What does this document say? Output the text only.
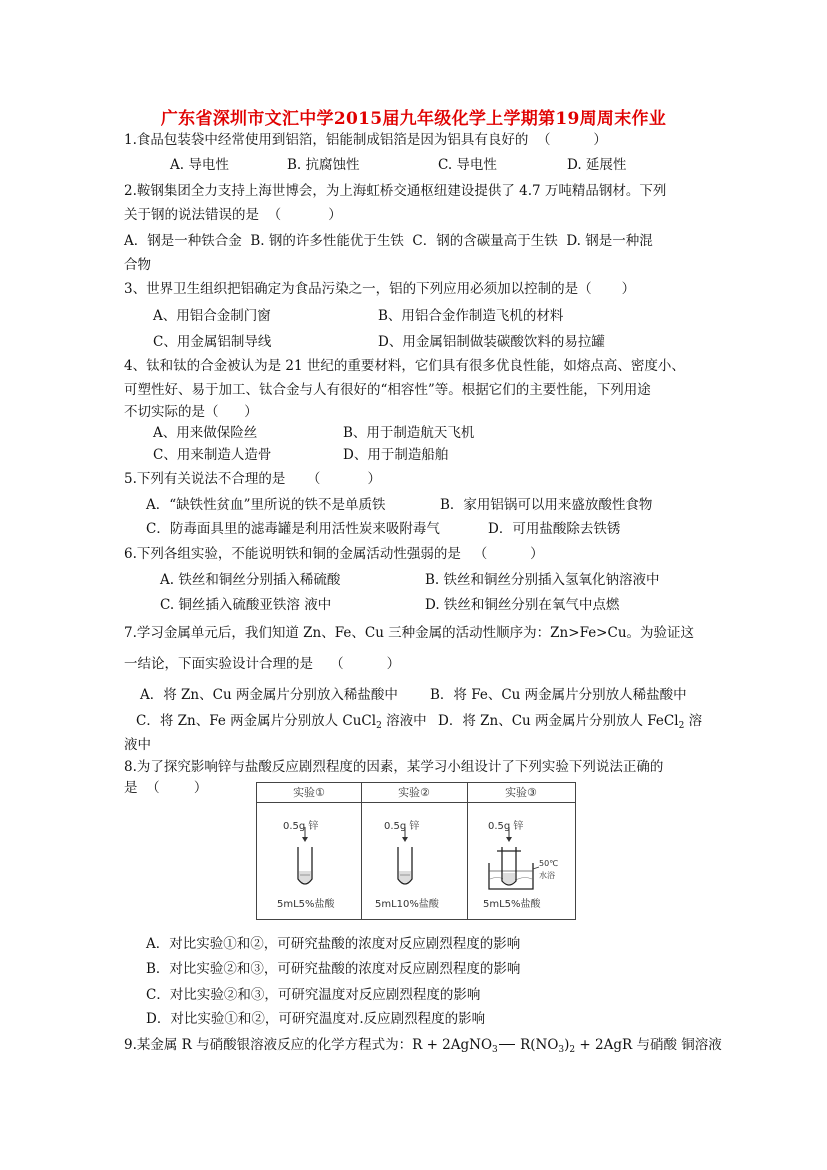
广东省深圳市文汇中学2015届九年级化学上学期第19周周末作业
1.食品包装袋中经常使用到铝箔，铝能制成铝箔是因为铝具有良好的  （          ）
A. 导电性	B. 抗腐蚀性	C. 导电性	D. 延展性
2.鞍钢集团全力支持上海世博会，为上海虹桥交通枢纽建设提供了 4.7 万吨精品钢材。下列
关于钢的说法错误的是  （           ）
A．钢是一种铁合金  B. 钢的许多性能优于生铁  C．钢的含碳量高于生铁  D. 钢是一种混
合物
3、世界卫生组织把铝确定为食品污染之一，铝的下列应用必须加以控制的是（       ）
A、用铝合金制门窗	B、用铝合金作制造飞机的材料
C、用金属铝制导线	D、用金属铝制做装碳酸饮料的易拉罐
4、钛和钛的合金被认为是 21 世纪的重要材料，它们具有很多优良性能，如熔点高、密度小、
可塑性好、易于加工、钛合金与人有很好的“相容性”等。根据它们的主要性能，下列用途
不切实际的是（      ）
A、用来做保险丝	B、用于制造航天飞机
C、用来制造人造骨	D、用于制造船舶
5.下列有关说法不合理的是     （           ）
A．“缺铁性贫血”里所说的铁不是单质铁	B．家用铝锅可以用来盛放酸性食物
C．防毒面具里的滤毒罐是利用活性炭来吸附毒气	D．可用盐酸除去铁锈
6.下列各组实验，不能说明铁和铜的金属活动性强弱的是   （          ）
A. 铁丝和铜丝分别插入稀硫酸	B. 铁丝和铜丝分别插入氢氧化钠溶液中
C. 铜丝插入硫酸亚铁溶 液中	D. 铁丝和铜丝分别在氧气中点燃
7.学习金属单元后，我们知道 Zn、Fe、Cu 三种金属的活动性顺序为：Zn>Fe>Cu。为验证这
一结论，下面实验设计合理的是    （          ）
A．将 Zn、Cu 两金属片分别放入稀盐酸中 B．将 Fe、Cu 两金属片分别放人稀盐酸中
C．将 Zn、Fe 两金属片分别放人 CuCl$_2$ 溶液中 D．将 Zn、Cu 两金属片分别放人 FeCl$_2$ 溶
液中
8.为了探究影响锌与盐酸反应剧烈程度的因素，某学习小组设计了下列实验下列说法正确的
是  （        ）	实验①	实验②	实验③
0.5g 锌	0.5g 锌	0.5g 锌
50℃
水浴
5mL5%盐酸	5mL10%盐酸	5mL5%盐酸
A．对比实验①和②，可研究盐酸的浓度对反应剧烈程度的影响
B．对比实验②和③，可研究盐酸的浓度对反应剧烈程度的影响
C．对比实验②和③，可研究温度对反应剧烈程度的影响
D．对比实验①和②，可研究温度对.反应剧烈程度的影响
9.某金属 R 与硝酸银溶液反应的化学方程式为：R + 2AgNO$_3$ $R(NO_3)_2 + 2AgR$ 与硝酸 铜溶液
